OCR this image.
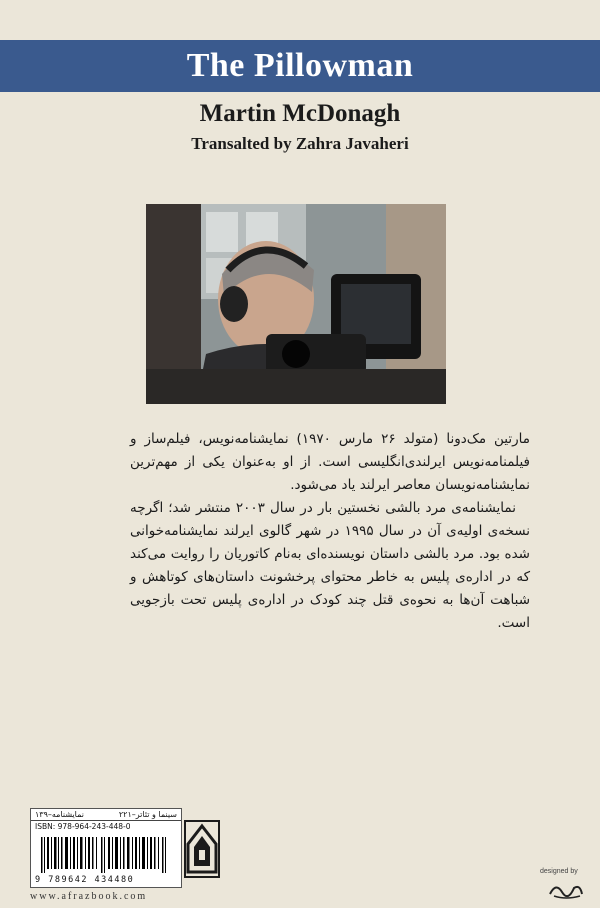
The Pillowman
Martin McDonagh
Transalted by Zahra Javaheri

مارتین مک‌دونا (متولد ۲۶ مارس ۱۹۷۰) نمایشنامه‌نویس، فیلم‌ساز و فیلمنامه‌نویس ایرلندی‌انگلیسی است. از او به‌عنوان یکی از مهم‌ترین نمایشنامه‌نویسان معاصر ایرلند یاد می‌شود.

نمایشنامه‌ی مرد بالشی نخستین بار در سال ۲۰۰۳ منتشر شد؛ اگرچه نسخه‌ی اولیه‌ی آن در سال ۱۹۹۵ در شهر گالوی ایرلند نمایشنامه‌خوانی شده بود. مرد بالشی داستان نویسنده‌ای به‌نام کاتوریان را روایت می‌کند که در اداره‌ی پلیس به خاطر محتوای پرخشونت داستان‌های کوتاهش و شباهت آن‌ها به نحوه‌ی قتل چند کودک در اداره‌ی پلیس تحت بازجویی است.

سینما و تئاتر–۲۲۱
نمایشنامه–۱۳۹
ISBN: 978-964-243-448-0
9 789642 434480
www.afrazbook.com
designed by
